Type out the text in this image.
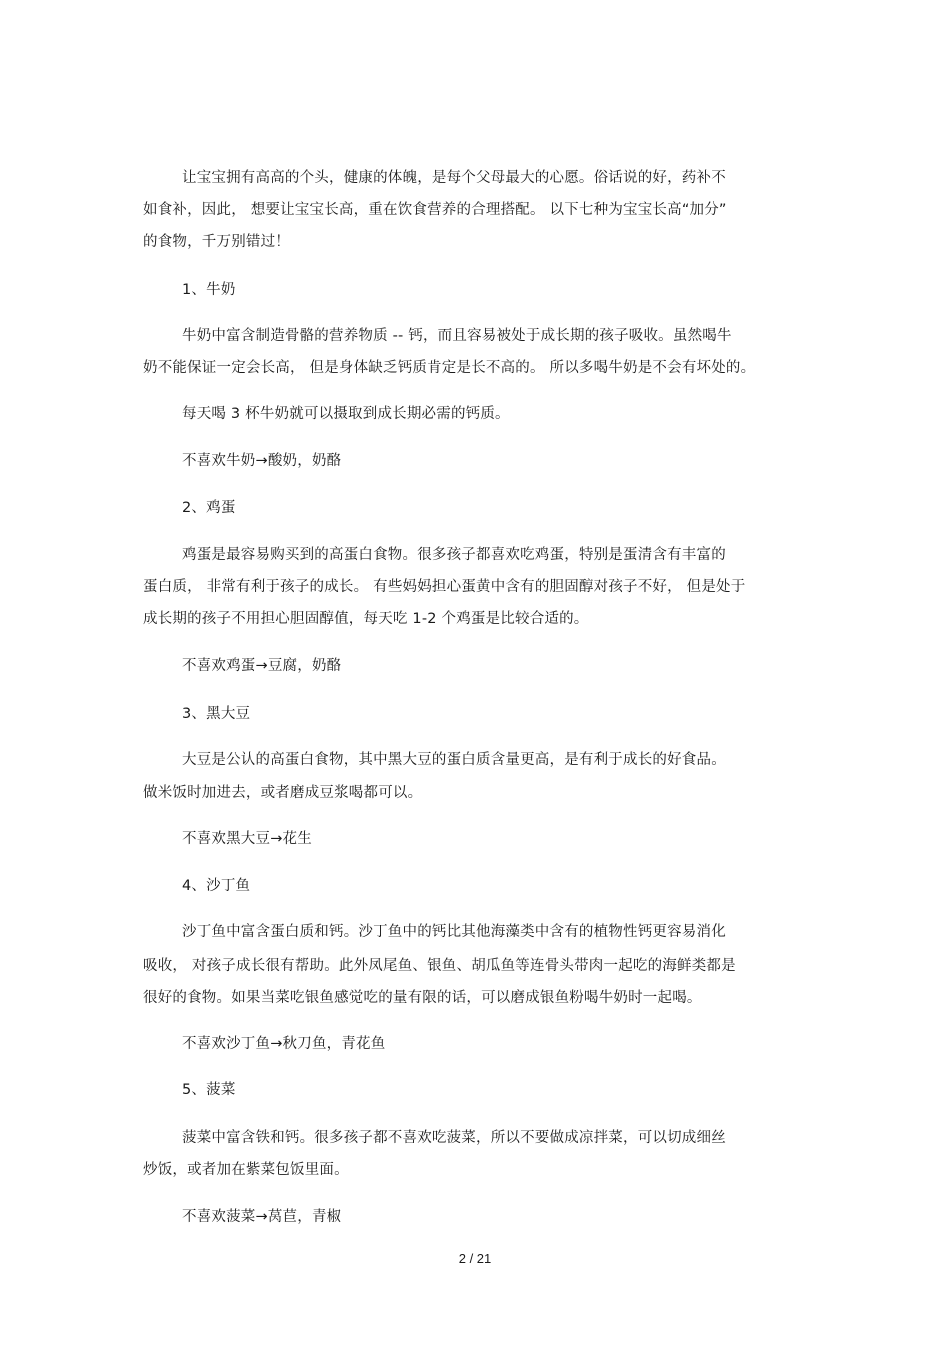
让宝宝拥有高高的个头，健康的体魄，是每个父母最大的心愿。俗话说的好，药补不
如食补，因此， 想要让宝宝长高，重在饮食营养的合理搭配。 以下七种为宝宝长高“加分”
的食物，千万别错过！
1、牛奶
牛奶中富含制造骨骼的营养物质 -- 钙，而且容易被处于成长期的孩子吸收。虽然喝牛
奶不能保证一定会长高， 但是身体缺乏钙质肯定是长不高的。 所以多喝牛奶是不会有坏处的。
每天喝 3 杯牛奶就可以摄取到成长期必需的钙质。
不喜欢牛奶→酸奶，奶酪
2、鸡蛋
鸡蛋是最容易购买到的高蛋白食物。很多孩子都喜欢吃鸡蛋，特别是蛋清含有丰富的
蛋白质， 非常有利于孩子的成长。 有些妈妈担心蛋黄中含有的胆固醇对孩子不好， 但是处于
成长期的孩子不用担心胆固醇值，每天吃 1-2 个鸡蛋是比较合适的。
不喜欢鸡蛋→豆腐，奶酪
3、黑大豆
大豆是公认的高蛋白食物，其中黑大豆的蛋白质含量更高，是有利于成长的好食品。
做米饭时加进去，或者磨成豆浆喝都可以。
不喜欢黑大豆→花生
4、沙丁鱼
沙丁鱼中富含蛋白质和钙。沙丁鱼中的钙比其他海藻类中含有的植物性钙更容易消化
吸收， 对孩子成长很有帮助。此外凤尾鱼、银鱼、胡瓜鱼等连骨头带肉一起吃的海鲜类都是
很好的食物。如果当菜吃银鱼感觉吃的量有限的话，可以磨成银鱼粉喝牛奶时一起喝。
不喜欢沙丁鱼→秋刀鱼，青花鱼
5、菠菜
菠菜中富含铁和钙。很多孩子都不喜欢吃菠菜，所以不要做成凉拌菜，可以切成细丝
炒饭，或者加在紫菜包饭里面。
不喜欢菠菜→莴苣，青椒
2 / 21
